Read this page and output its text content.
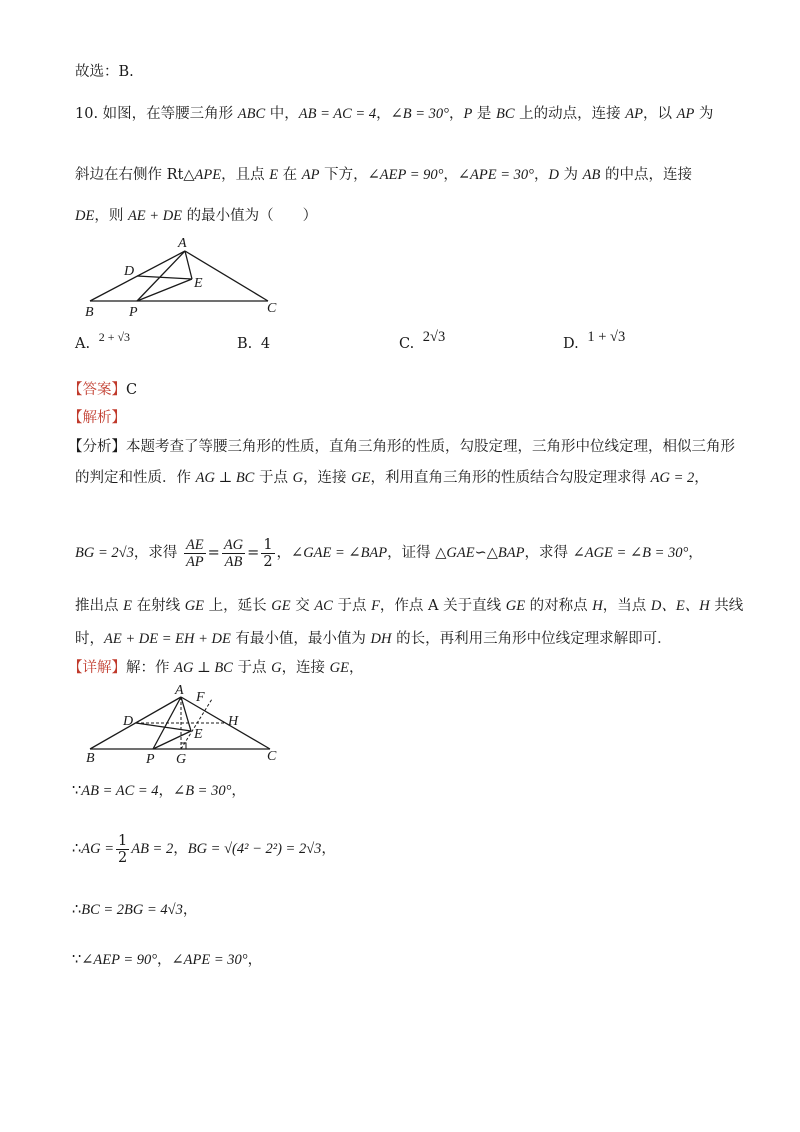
故选：B.
10. 如图，在等腰三角形 ABC 中，AB = AC = 4，∠B = 30°，P 是 BC 上的动点，连接 AP，以 AP 为
斜边在右侧作 Rt△APE，且点 E 在 AP 下方，∠AEP = 90°，∠APE = 30°，D 为 AB 的中点，连接
DE，则 AE + DE 的最小值为（　　）
A
D
E
B	P	C
A. $^{2 + √3}$	B. 4	C. 2√3	D. 1 + √3
【答案】C
【解析】
【分析】本题考查了等腰三角形的性质，直角三角形的性质，勾股定理，三角形中位线定理，相似三角形
的判定和性质．作 AG ⊥ BC 于点 G，连接 GE，利用直角三角形的性质结合勾股定理求得 AG = 2，
BG = 2√3，求得 $\frac{AE}{AP} = \frac{AG}{AB} = \frac{1}{2}$ ，∠GAE = ∠BAP，证得 △GAE∽△BAP，求得 ∠AGE = ∠B = 30°，
推出点 E 在射线 GE 上，延长 GE 交 AC 于点 F，作点 A 关于直线 GE 的对称点 H，当点 D、E、H 共线
时，AE + DE = EH + DE 有最小值，最小值为 DH 的长，再利用三角形中位线定理求解即可．
【详解】解：作 AG ⊥ BC 于点 G，连接 GE，
A F
D	H
E
B	P G	C
∵AB = AC = 4，∠B = 30°，
∴AG = $\frac{1}{2}$ AB = 2，BG = √(4² − 2²) = 2√3，
∴BC = 2BG = 4√3，
∵∠AEP = 90°，∠APE = 30°，
